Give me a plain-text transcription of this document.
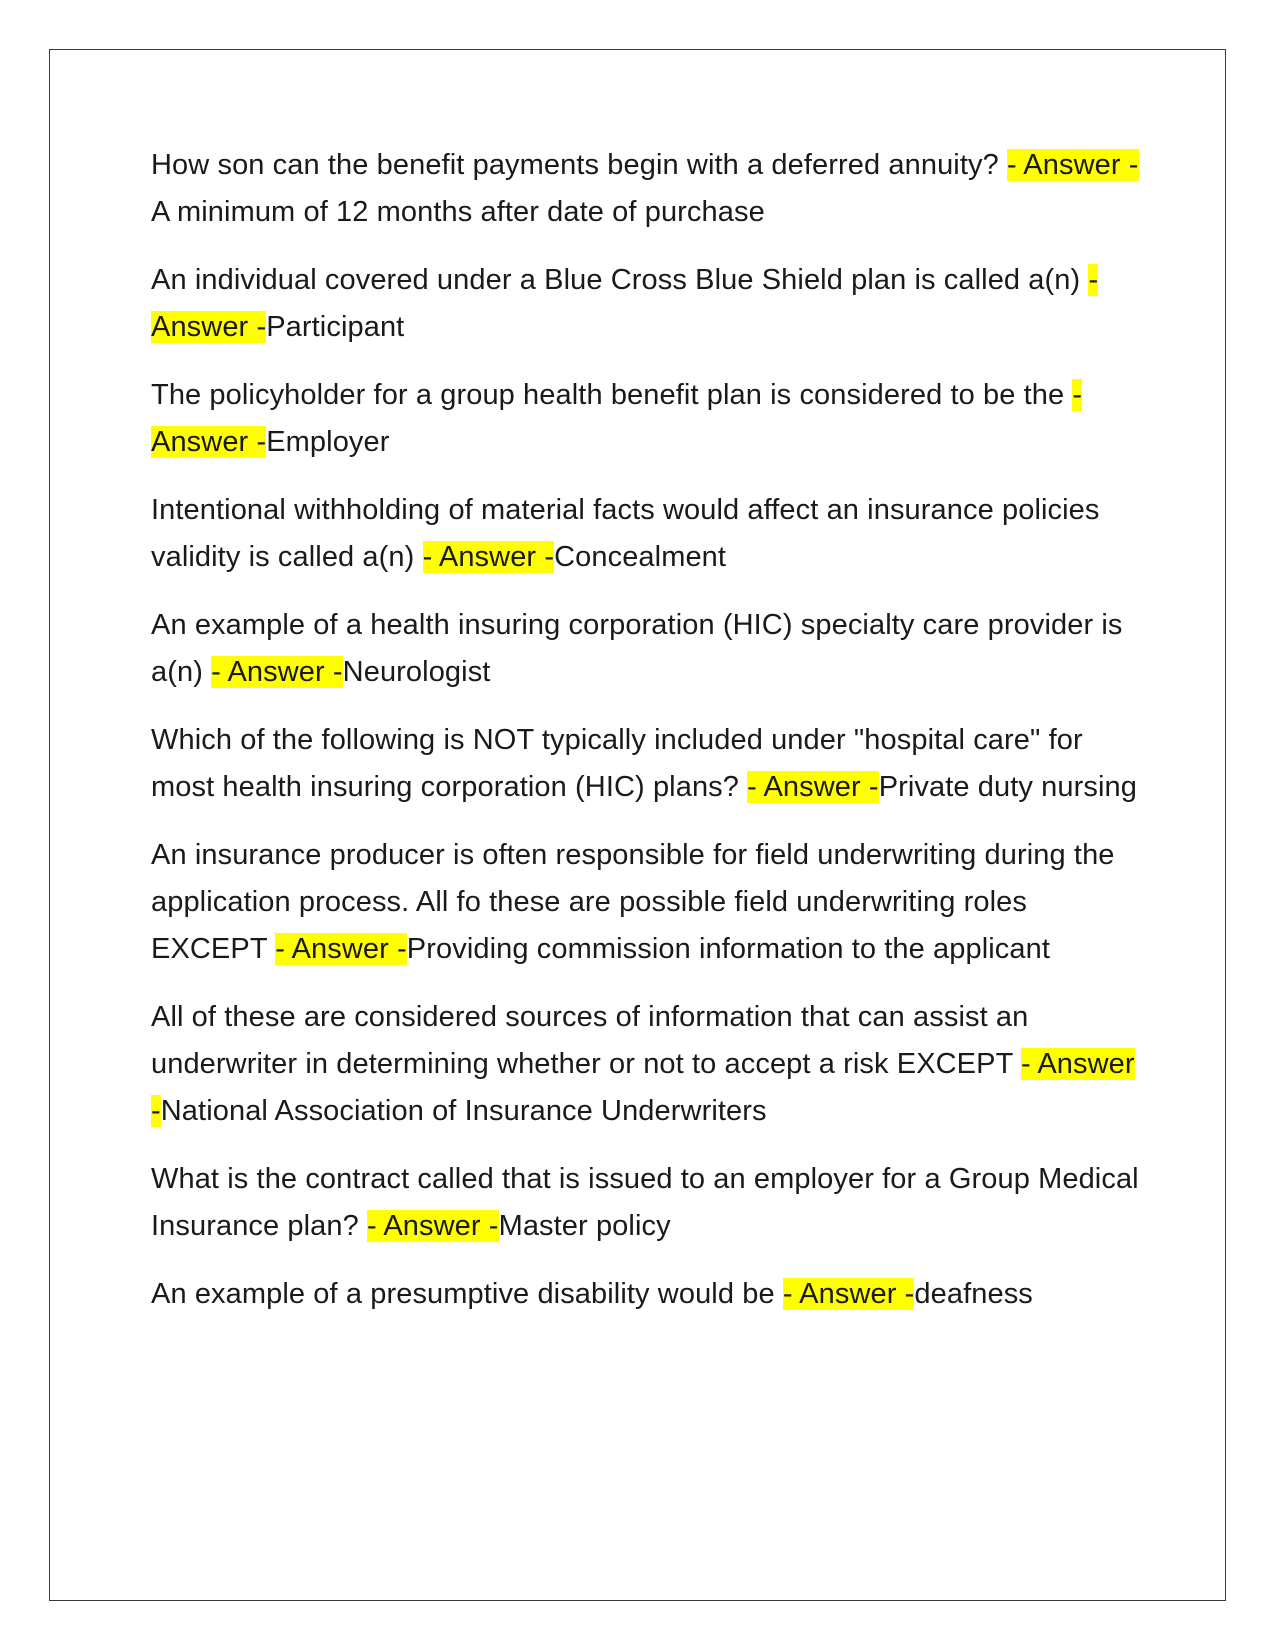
How son can the benefit payments begin with a deferred annuity? - Answer -A minimum of 12 months after date of purchase

An individual covered under a Blue Cross Blue Shield plan is called a(n) - Answer -Participant

The policyholder for a group health benefit plan is considered to be the - Answer -Employer

Intentional withholding of material facts would affect an insurance policies validity is called a(n) - Answer -Concealment

An example of a health insuring corporation (HIC) specialty care provider is a(n) - Answer -Neurologist

Which of the following is NOT typically included under "hospital care" for most health insuring corporation (HIC) plans? - Answer -Private duty nursing

An insurance producer is often responsible for field underwriting during the application process. All fo these are possible field underwriting roles EXCEPT - Answer -Providing commission information to the applicant

All of these are considered sources of information that can assist an underwriter in determining whether or not to accept a risk EXCEPT - Answer -National Association of Insurance Underwriters

What is the contract called that is issued to an employer for a Group Medical Insurance plan? - Answer -Master policy

An example of a presumptive disability would be - Answer -deafness
